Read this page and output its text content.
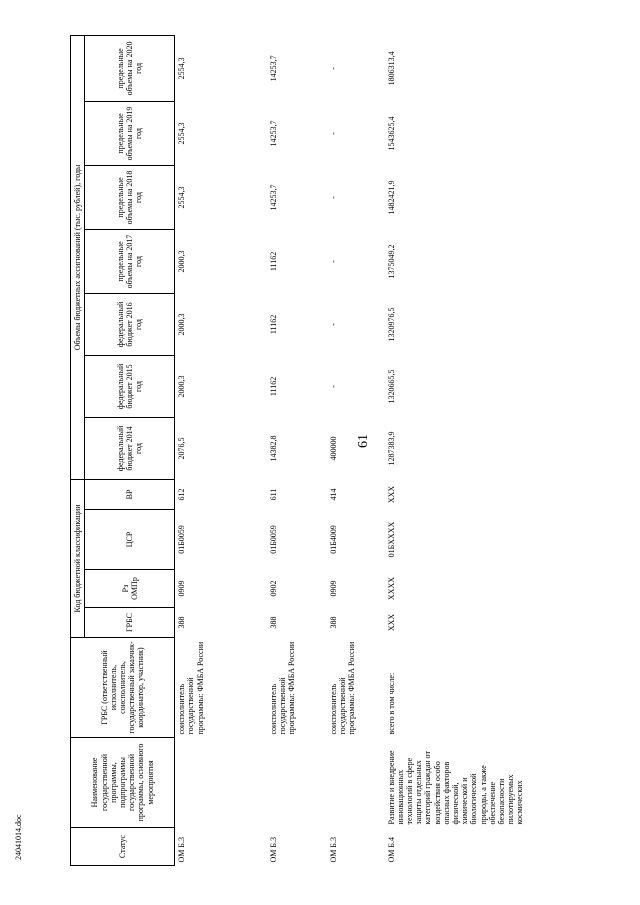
61
24041014.doc	Статус	Наименование государственной программы, подпрограммы государственной программы, основного мероприятия	ГРБС (ответственный исполнитель, соисполнитель, государственный заказчик-координатор, участник)	Код бюджетной классификации				Объемы бюджетных ассигнований (тыс. рублей), годы						
			ГРБС	Рз ОМПр	ЦСР	ВР	федеральный бюджет 2014 год	федеральный бюджет 2015 год	федеральный бюджет 2016 год	предельные объемы на 2017 год	предельные объемы на 2018 год	предельные объемы на 2019 год	предельные объемы на 2020 год
ОМ Б.3		соисполнитель государственной программы: ФМБА России	388	0909	01Б0059	612	2076,5	2000,3	2000,3	2000,3	2554,3	2554,3	2554,3
ОМ Б.3		соисполнитель государственной программы: ФМБА России	388	0902	01Б0059	611	14382,8	11162	11162	11162	14253,7	14253,7	14253,7
ОМ Б.3		соисполнитель государственной программы: ФМБА России	388	0909	01Б4009	414	400000	-	-	-	-	-	-
ОМ Б.4	Развитие и внедрение инновационных технологий в сфере защиты отдельных категорий граждан от воздействия особо опасных факторов физической, химической и биологической природы, а также обеспечение безопасности пилотируемых космических	всего в том числе:	XXX	XXXX	01БXXXX	XXX	1287383,9	1320665,5	1320976,5	1375049,2	1482421,9	1543625,4	1806313,4
